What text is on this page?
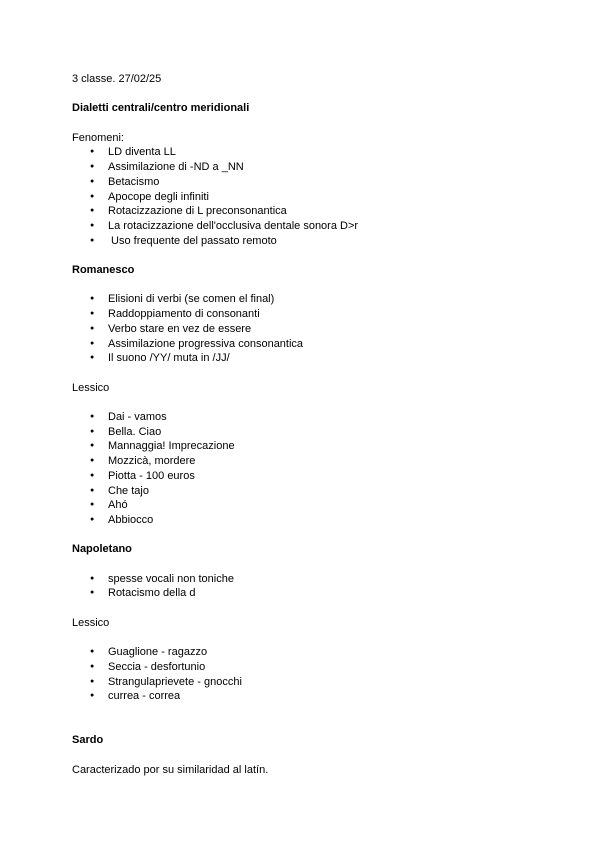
3 classe. 27/02/25

Dialetti centrali/centro meridionali

Fenomeni:

● LD diventa LL
● Assimilazione di -ND a _NN
● Betacismo
● Apocope degli infiniti
● Rotacizzazione di L preconsonantica
● La rotacizzazione dell'occlusiva dentale sonora D>r
●  Uso frequente del passato remoto

Romanesco

● Elisioni di verbi (se comen el final)
● Raddoppiamento di consonanti
● Verbo stare en vez de essere
● Assimilazione progressiva consonantica
● Il suono /YY/ muta in /JJ/

Lessico

● Dai - vamos
● Bella. Ciao
● Mannaggia! Imprecazione
● Mozzicà, mordere
● Piotta - 100 euros
● Che tajo
● Ahó
● Abbiocco

Napoletano

● spesse vocali non toniche
● Rotacismo della d

Lessico

● Guaglione - ragazzo
● Seccia - desfortunio
● Strangulaprievete - gnocchi
● currea - correa

Sardo

Caracterizado por su similaridad al latín.
